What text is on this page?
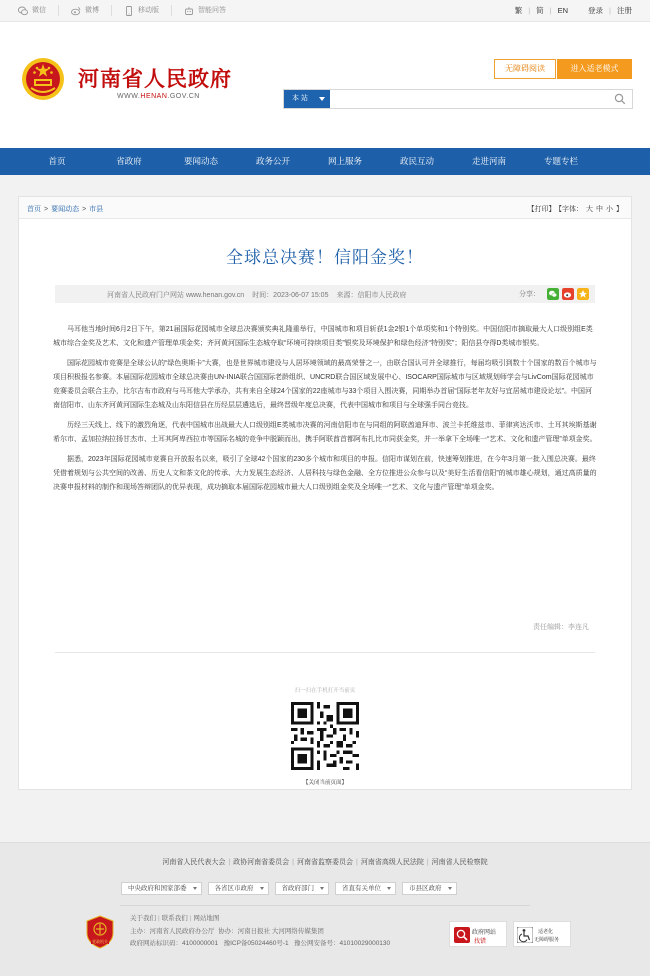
微信	微博	移动版	智能问答	繁 | 简 | EN	登录 | 注册
河南省人民政府
WWW.HENAN.GOV.CN
无障碍阅读	进入适老模式
本 站
首页	省政府	要闻动态	政务公开	网上服务	政民互动	走进河南	专题专栏
首页 > 要闻动态 > 市县	【打印】 【字体： 大 中 小 】
全球总决赛！信阳金奖！
河南省人民政府门户网站 www.henan.gov.cn 时间：2023-06-07 15:05 来源：信阳市人民政府	分享：

马耳他当地时间6月2日下午，第21届国际花园城市全球总决赛颁奖典礼隆重举行，中国城市和项目斩获1金2银1个单项奖和1个特别奖。中国信阳市摘取最大人口级别组E类城市综合金奖及艺术、文化和遗产管理单项金奖；齐河黄河国际生态城夺取“环境可持续项目类”银奖及环境保护和绿色经济“特别奖”；阳信县夺得D类城市银奖。

国际花园城市竞赛是全球公认的“绿色奥斯卡”大赛，也是世界城市建设与人居环境领域的最高荣誉之一，由联合国认可并全球推行，每届均吸引到数十个国家的数百个城市与项目积极报名参赛。本届国际花园城市全球总决赛由UN-INIA联合国国际老龄组织、UNCRD联合国区域发展中心、ISOCARP国际城市与区域规划师学会与LivCom国际花园城市竞赛委员会联合主办，比尔吉布市政府与马耳他大学承办，共有来自全球24个国家的22座城市与33个项目入围决赛，同期举办首届“国际老年友好与宜居城市建设论坛”。中国河南信阳市、山东齐河黄河国际生态城及山东阳信县在历经层层遴选后，最终晋级年度总决赛，代表中国城市和项目与全球强手同台竞技。

历经三天线上、线下的激烈角逐，代表中国城市出战最大人口级别组E类城市决赛的河南信阳市在与同组的阿联酋迪拜市、波兰卡托维兹市、菲律宾达沃市、土耳其埃斯基谢希尔市、孟加拉纳拉扬甘杰市、土耳其阿卑西拉市等国际名城的竞争中脱颖而出，携手阿联酋首都阿布扎比市同获金奖，并一举拿下全场唯一“艺术、文化和遗产管理”单项金奖。

据悉，2023年国际花园城市竞赛自开放报名以来，吸引了全球42个国家的230多个城市和项目的申报。信阳市谋划在前，快速筹划推进，在今年3月第一批入围总决赛。最终凭借着规划与公共空间的改善、历史人文和茶文化的传承、大力发展生态经济、人居科技与绿色金融、全方位推进公众参与以及“美好生活看信阳”的城市雄心规划，通过高质量的决赛申报材料的制作和现场答辩团队的优异表现，成功摘取本届国际花园城市最大人口级别组金奖及全场唯一“艺术、文化与遗产管理”单项金奖。

责任编辑：李连凡
扫一扫在手机打开当前页
【关闭当前页面】
河南省人民代表大会 | 政协河南省委员会 | 河南省监察委员会 | 河南省高级人民法院 | 河南省人民检察院
中央政府和国家部委	各省区市政府	省政府部门	省直有关单位	市县区政府
党政机关
关于我们 | 联系我们 | 网站地图
主办：河南省人民政府办公厅 协办：河南日报社 大河网络传媒集团
政府网站标识码：4100000001 豫ICP备05024460号-1 豫公网安备号：41010029000130
政府网站
找错
适老化
无障碍服务
